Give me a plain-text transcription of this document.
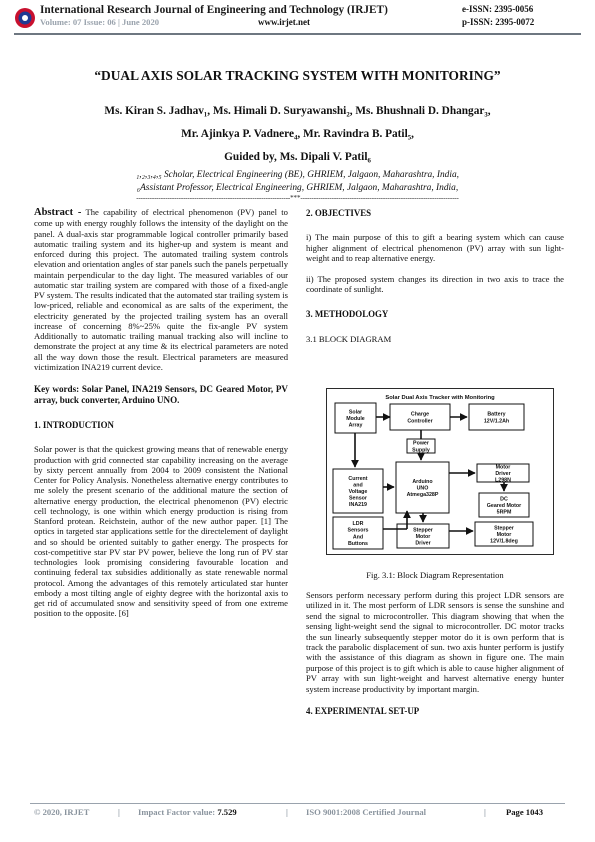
International Research Journal of Engineering and Technology (IRJET)
Volume: 07 Issue: 06 | June 2020	www.irjet.net
e-ISSN: 2395-0056
p-ISSN: 2395-0072
“DUAL AXIS SOLAR TRACKING SYSTEM WITH MONITORING”
Ms. Kiran S. Jadhav₁, Ms. Himali D. Suryawanshi₂, Ms. Bhushnali D. Dhangar₃,
Mr. Ajinkya P. Vadnere₄, Mr. Ravindra B. Patil₅,
Guided by, Ms. Dipali V. Patil₆
₁,₂,₃,₄,₅ Scholar, Electrical Engineering (BE), GHRIEM, Jalgaon, Maharashtra, India,
₆Assistant Professor, Electrical Engineering, GHRIEM, Jalgaon, Maharashtra, India,
---------------------------------------------------------------------***-----------------------------------------------------------------------

Abstract - The capability of electrical phenomenon (PV) panel to come up with energy roughly follows the intensity of the daylight on the panel. A dual-axis star programmable logical controller primarily based automatic trailing system and its higher-up and system is meant and enforced during this project. The automated trailing system controls elevation and orientation angles of star panels such the panels perpetually maintain perpendicular to the day light. The measured variables of our automatic star trailing system are compared with those of a fixed-angle PV system. The results indicated that the automated star trailing system is low-priced, reliable and economical as are salts of the experiment, the electricity generated by the projected trailing system has an overall increase of concerning 8%~25% quite the fix-angle PV system Additionally to automatic trailing manual tracking also will incline to demonstrate the project at any time & its electrical parameters are noted all the way down those the result. Electrical parameters are measured victimization INA219 current device.

Key words: Solar Panel, INA219 Sensors, DC Geared Motor, PV array, buck converter, Arduino UNO.

1. INTRODUCTION

Solar power is that the quickest growing means that of renewable energy production with grid connected star capability increasing on the average by sixty percent annually from 2004 to 2009 consistent the National Center for Policy Analysis. Nonetheless alternative energy contributes to me solely the present scenario of the additional mature the section of alternative energy production, the electrical phenomenon (PV) electric cell technology, is one within which energy production is rising from Stanford protean. Reichstein, author of the new author paper. [1] The optics in targeted star applications settle for the directelement of daylight and so should be oriented suitably to gather energy. The prospects for cost-competitive star PV star PV power, believe the long run of PV star technologies look promising considering favourable location and continuing federal tax subsidies additionally as state renewable normal protocol. Among the advantages of this remotely articulated star hunter embody a most tilting angle of eighty degree with the horizontal axis to get rid of accumulated snow and sensitivity speed of from one extreme position to the opposite. [6]

2. OBJECTIVES

i) The main purpose of this to gift a bearing system which can cause higher alignment of electrical phenomenon (PV) array with sun light-weight and to reap alternative energy.

ii) The proposed system changes its direction in two axis to trace the coordinate of sunlight.

3. METHODOLOGY

3.1 BLOCK DIAGRAM

Solar Dual Axis Tracker with Monitoring
Solar
Module
Array
Charge
Controller
Battery
12V/1.2Ah
Power
Supply
Current
and
Voltage
Sensor
INA219
Arduino
UNO
Atmega328P
Motor
Driver
L298N
DC
Geared Motor
5RPM
LDR
Sensors
And
Buttons
Stepper
Motor
Driver
Stepper
Motor
12V/1.8deg
Fig. 3.1: Block Diagram Representation

Sensors perform necessary perform during this project LDR sensors are utilized in it. The most perform of LDR sensors is sense the sunshine and send the signal to microcontroller. This diagram showing that when the sensing light-weight send the signal to microcontroller. DC motor tracks the sun linearly subsequently stepper motor do it is own perform that is track the parabolic displacement of sun. two axis hunter perform is justify with the assistance of this diagram as shown in figure one. The main purpose of this project is to gift which is able to cause higher alignment of PV array with sun light-weight and harvest alternative energy hunter system increase productivity by important margin.

4. EXPERIMENTAL SET-UP

© 2020, IRJET	| Impact Factor value: 7.529	| ISO 9001:2008 Certified Journal	| Page 1043
